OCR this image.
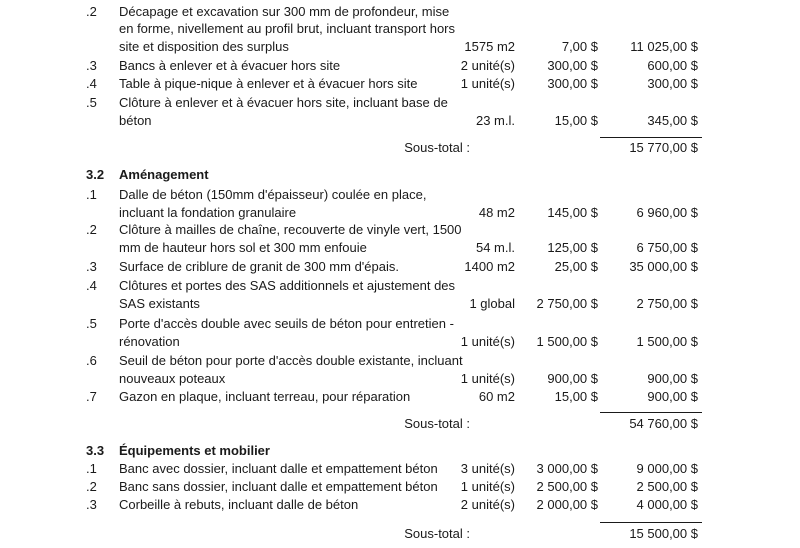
.2	Décapage et excavation sur 300 mm de profondeur, mise
en forme, nivellement au profil brut, incluant transport hors
site et disposition des surplus	1575 m2	7,00 $	11 025,00 $
.3	Bancs à enlever et à évacuer hors site	2 unité(s)	300,00 $	600,00 $
.4	Table à pique-nique à enlever et à évacuer hors site	1 unité(s)	300,00 $	300,00 $
.5	Clôture à enlever et à évacuer hors site, incluant base de
béton	23 m.l.	15,00 $	345,00 $
Sous-total :	15 770,00 $
3.2 Aménagement
.1	Dalle de béton (150mm d'épaisseur) coulée en place,
incluant la fondation granulaire	48 m2	145,00 $	6 960,00 $
.2	Clôture à mailles de chaîne, recouverte de vinyle vert, 1500
mm de hauteur hors sol et 300 mm enfouie	54 m.l.	125,00 $	6 750,00 $
.3	Surface de criblure de granit de 300 mm d'épais.	1400 m2	25,00 $	35 000,00 $
.4	Clôtures et portes des SAS additionnels et ajustement des
SAS existants	1 global	2 750,00 $	2 750,00 $
.5	Porte d'accès double avec seuils de béton pour entretien -
rénovation	1 unité(s)	1 500,00 $	1 500,00 $
.6	Seuil de béton pour porte d'accès double existante, incluant
nouveaux poteaux	1 unité(s)	900,00 $	900,00 $
.7	Gazon en plaque, incluant terreau, pour réparation	60 m2	15,00 $	900,00 $
Sous-total :	54 760,00 $
3.3 Équipements et mobilier
.1	Banc avec dossier, incluant dalle et empattement béton	3 unité(s)	3 000,00 $	9 000,00 $
.2	Banc sans dossier, incluant dalle et empattement béton	1 unité(s)	2 500,00 $	2 500,00 $
.3	Corbeille à rebuts, incluant dalle de béton	2 unité(s)	2 000,00 $	4 000,00 $
Sous-total :	15 500,00 $
